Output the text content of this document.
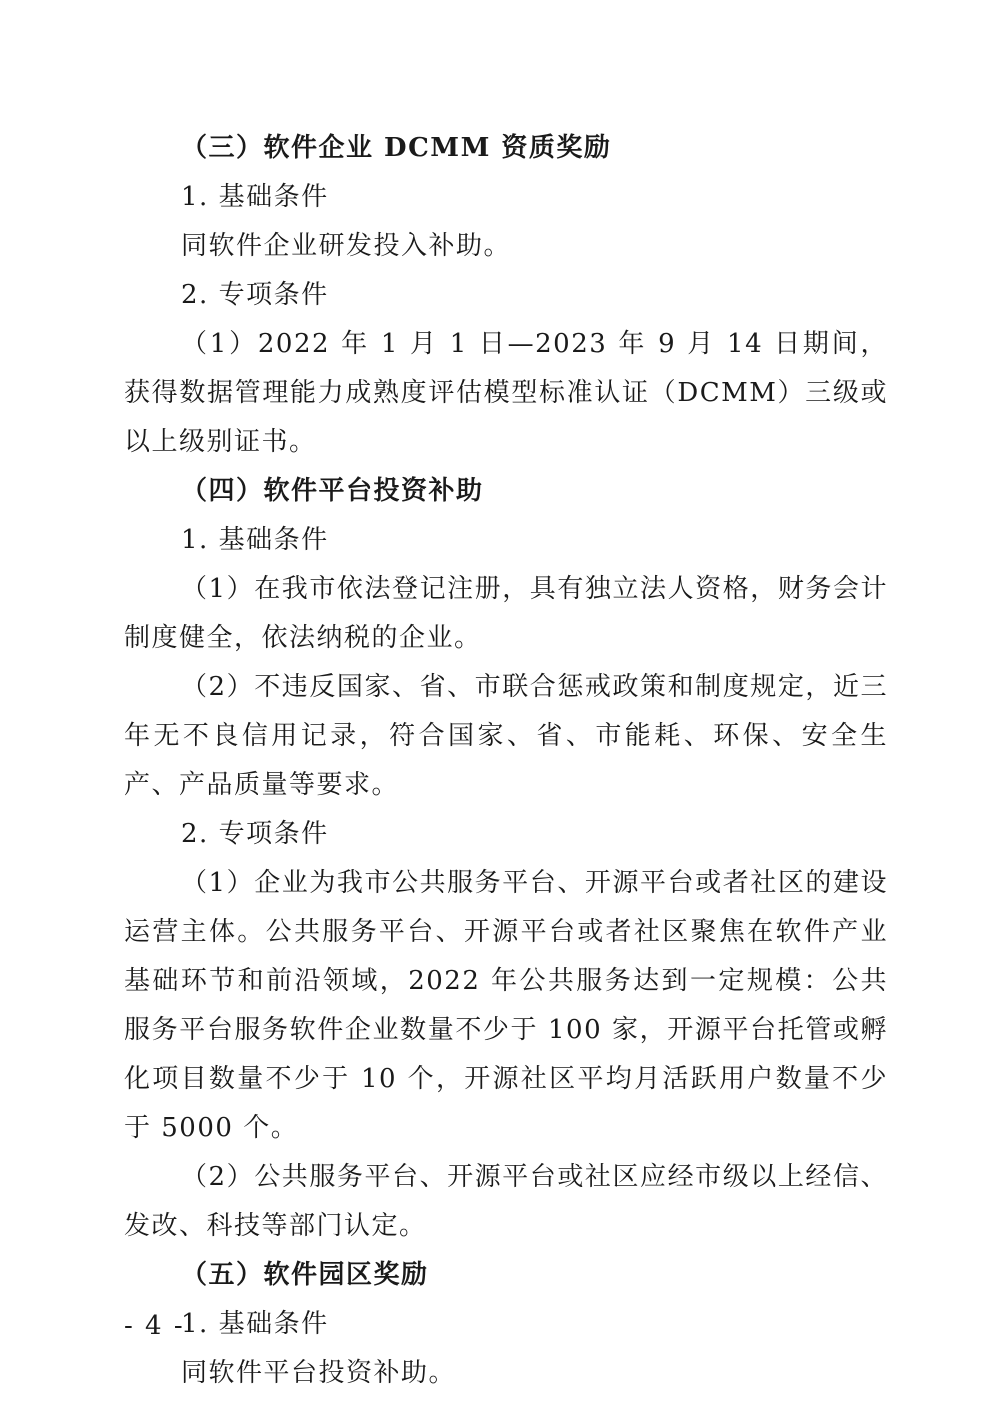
（三）软件企业 DCMM 资质奖励

1. 基础条件

同软件企业研发投入补助。

2. 专项条件

（1）2022 年 1 月 1 日—2023 年 9 月 14 日期间，获得数据管理能力成熟度评估模型标准认证（DCMM）三级或以上级别证书。

（四）软件平台投资补助

1. 基础条件

（1）在我市依法登记注册，具有独立法人资格，财务会计制度健全，依法纳税的企业。

（2）不违反国家、省、市联合惩戒政策和制度规定，近三年无不良信用记录，符合国家、省、市能耗、环保、安全生产、产品质量等要求。

2. 专项条件

（1）企业为我市公共服务平台、开源平台或者社区的建设运营主体。公共服务平台、开源平台或者社区聚焦在软件产业基础环节和前沿领域，2022 年公共服务达到一定规模：公共服务平台服务软件企业数量不少于 100 家，开源平台托管或孵化项目数量不少于 10 个，开源社区平均月活跃用户数量不少于 5000 个。

（2）公共服务平台、开源平台或社区应经市级以上经信、发改、科技等部门认定。

（五）软件园区奖励

1. 基础条件

同软件平台投资补助。

- 4 -
